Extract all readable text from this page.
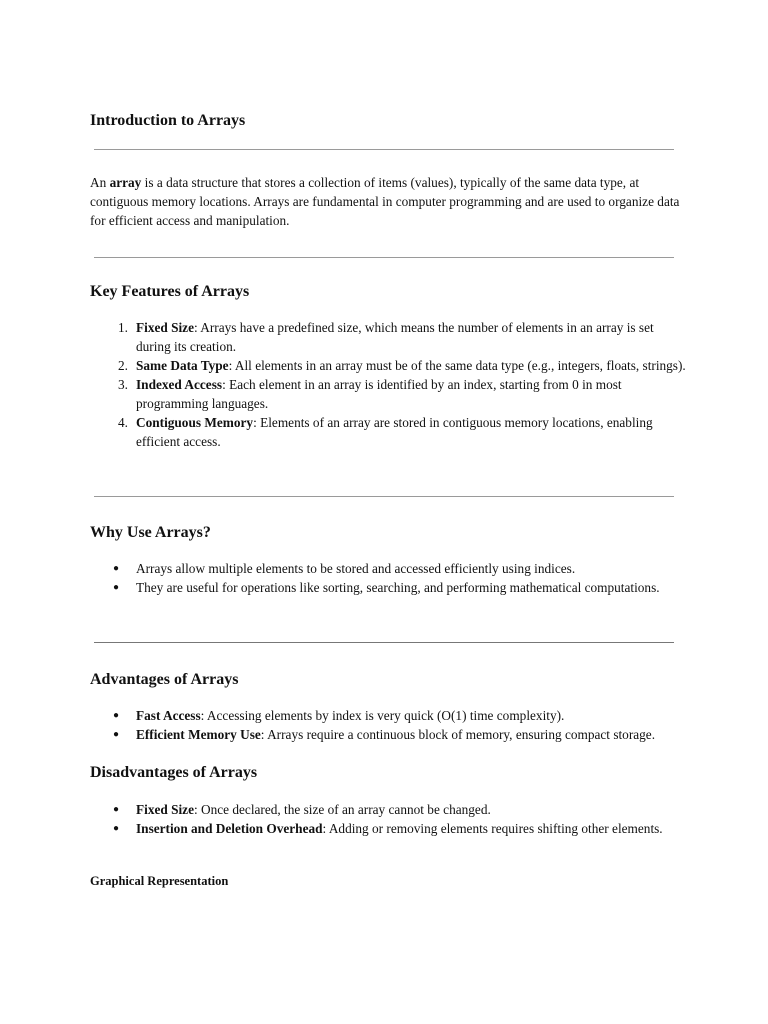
Introduction to Arrays

An array is a data structure that stores a collection of items (values), typically of the same data type, at contiguous memory locations. Arrays are fundamental in computer programming and are used to organize data for efficient access and manipulation.

Key Features of Arrays
1. Fixed Size: Arrays have a predefined size, which means the number of elements in an array is set during its creation.
2. Same Data Type: All elements in an array must be of the same data type (e.g., integers, floats, strings).
3. Indexed Access: Each element in an array is identified by an index, starting from 0 in most programming languages.
4. Contiguous Memory: Elements of an array are stored in contiguous memory locations, enabling efficient access.
Why Use Arrays?
● Arrays allow multiple elements to be stored and accessed efficiently using indices.
● They are useful for operations like sorting, searching, and performing mathematical computations.
Advantages of Arrays
● Fast Access: Accessing elements by index is very quick (O(1) time complexity).
● Efficient Memory Use: Arrays require a continuous block of memory, ensuring compact storage.
Disadvantages of Arrays
● Fixed Size: Once declared, the size of an array cannot be changed.
● Insertion and Deletion Overhead: Adding or removing elements requires shifting other elements.
Graphical Representation
